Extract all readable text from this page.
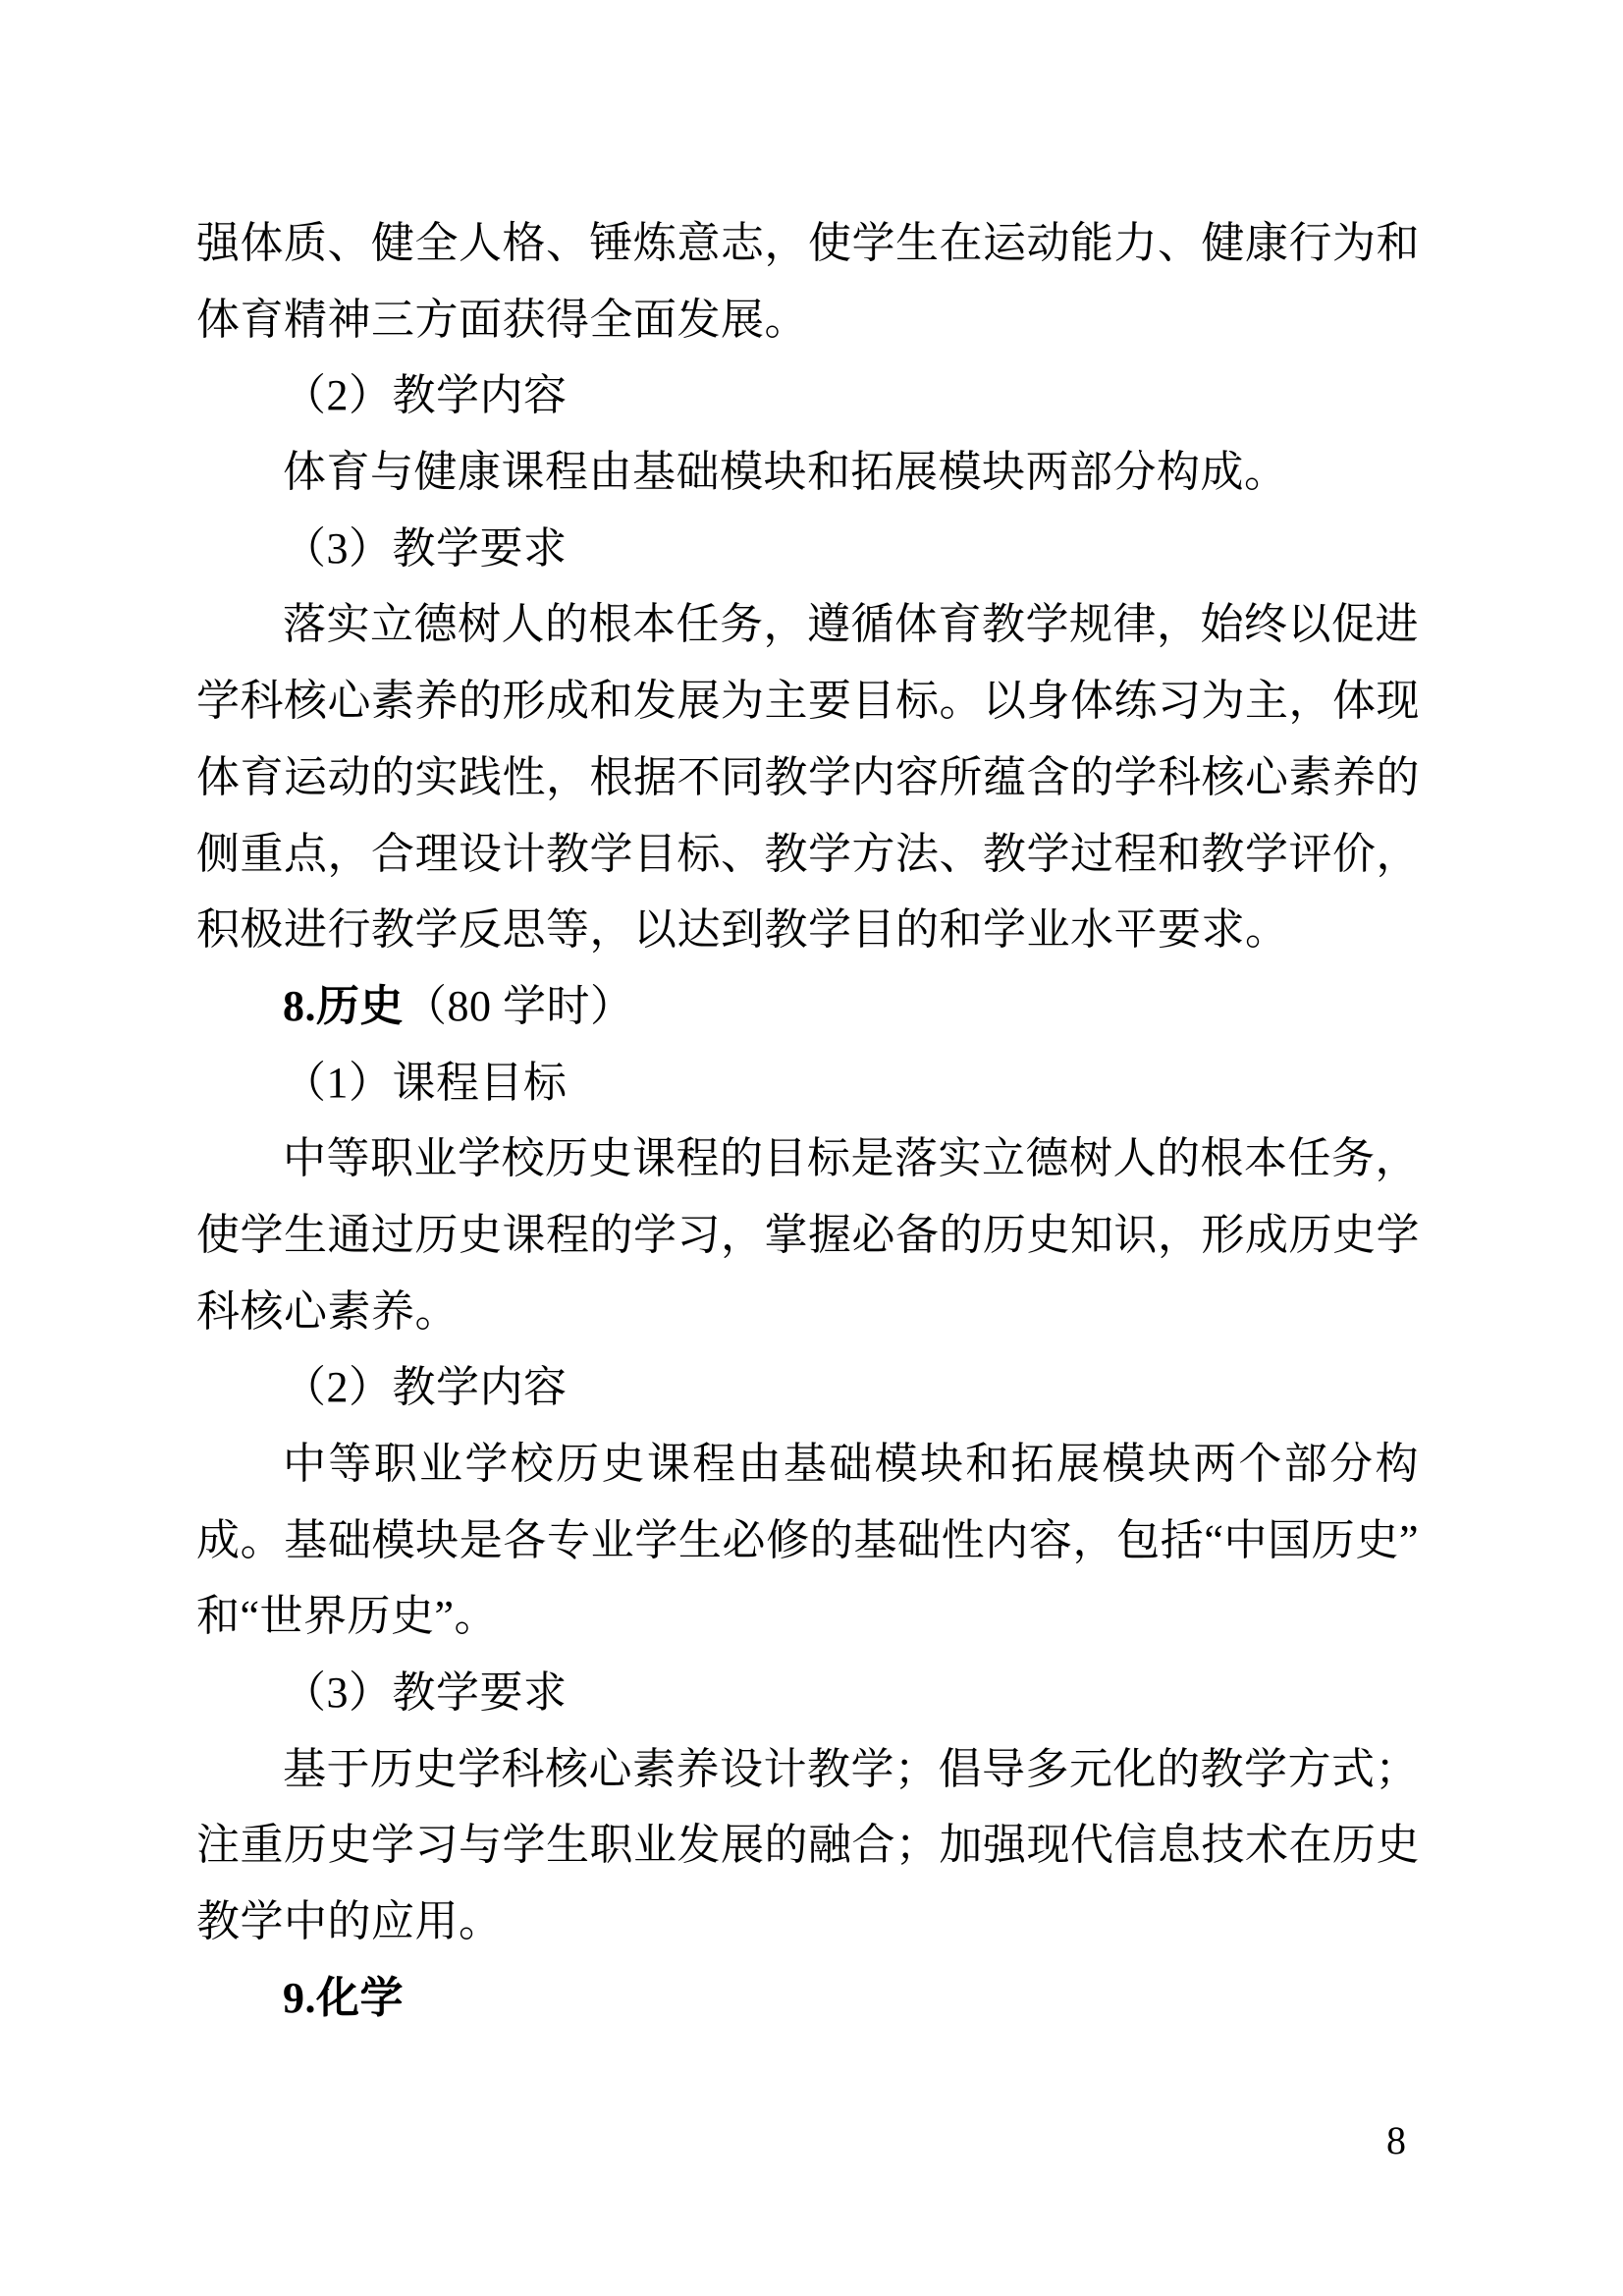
强体质、健全人格、锤炼意志，使学生在运动能力、健康行为和
体育精神三方面获得全面发展。
（2）教学内容
体育与健康课程由基础模块和拓展模块两部分构成。
（3）教学要求
落实立德树人的根本任务，遵循体育教学规律，始终以促进
学科核心素养的形成和发展为主要目标。以身体练习为主，体现
体育运动的实践性，根据不同教学内容所蕴含的学科核心素养的
侧重点，合理设计教学目标、教学方法、教学过程和教学评价，
积极进行教学反思等，以达到教学目的和学业水平要求。
8.历史（80 学时）
（1）课程目标
中等职业学校历史课程的目标是落实立德树人的根本任务，
使学生通过历史课程的学习，掌握必备的历史知识，形成历史学
科核心素养。
（2）教学内容
中等职业学校历史课程由基础模块和拓展模块两个部分构
成。基础模块是各专业学生必修的基础性内容，包括“中国历史”
和“世界历史”。
（3）教学要求
基于历史学科核心素养设计教学；倡导多元化的教学方式；
注重历史学习与学生职业发展的融合；加强现代信息技术在历史
教学中的应用。
9.化学
8
